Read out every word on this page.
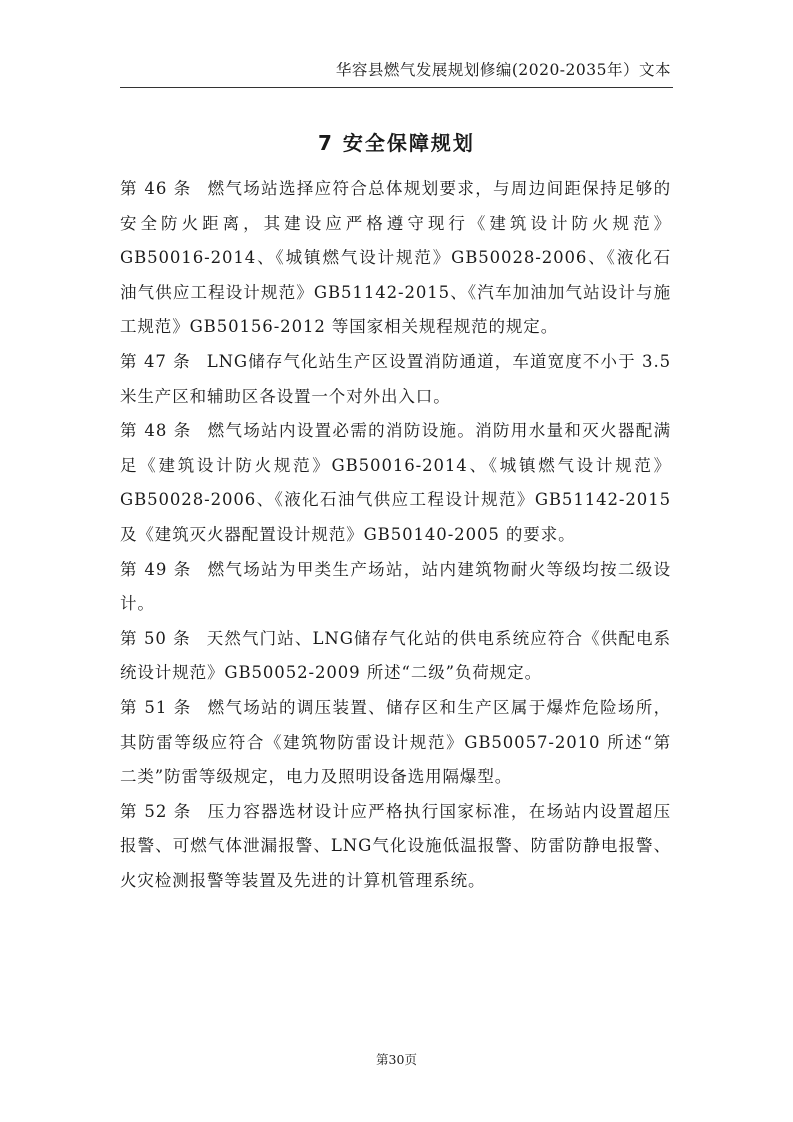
华容县燃气发展规划修编(2020-2035年）文本
7 安全保障规划

第 46 条 燃气场站选择应符合总体规划要求，与周边间距保持足够的安全防火距离，其建设应严格遵守现行《建筑设计防火规范》GB50016-2014、《城镇燃气设计规范》GB50028-2006、《液化石油气供应工程设计规范》GB51142-2015、《汽车加油加气站设计与施工规范》GB50156-2012 等国家相关规程规范的规定。

第 47 条 LNG储存气化站生产区设置消防通道，车道宽度不小于 3.5 米生产区和辅助区各设置一个对外出入口。

第 48 条 燃气场站内设置必需的消防设施。消防用水量和灭火器配满足《建筑设计防火规范》GB50016-2014、《城镇燃气设计规范》GB50028-2006、《液化石油气供应工程设计规范》GB51142-2015 及《建筑灭火器配置设计规范》GB50140-2005 的要求。

第 49 条 燃气场站为甲类生产场站，站内建筑物耐火等级均按二级设计。

第 50 条 天然气门站、LNG储存气化站的供电系统应符合《供配电系统设计规范》GB50052-2009 所述“二级”负荷规定。

第 51 条 燃气场站的调压装置、储存区和生产区属于爆炸危险场所，其防雷等级应符合《建筑物防雷设计规范》GB50057-2010 所述“第二类”防雷等级规定，电力及照明设备选用隔爆型。

第 52 条 压力容器选材设计应严格执行国家标准，在场站内设置超压报警、可燃气体泄漏报警、LNG气化设施低温报警、防雷防静电报警、火灾检测报警等装置及先进的计算机管理系统。

第30页
